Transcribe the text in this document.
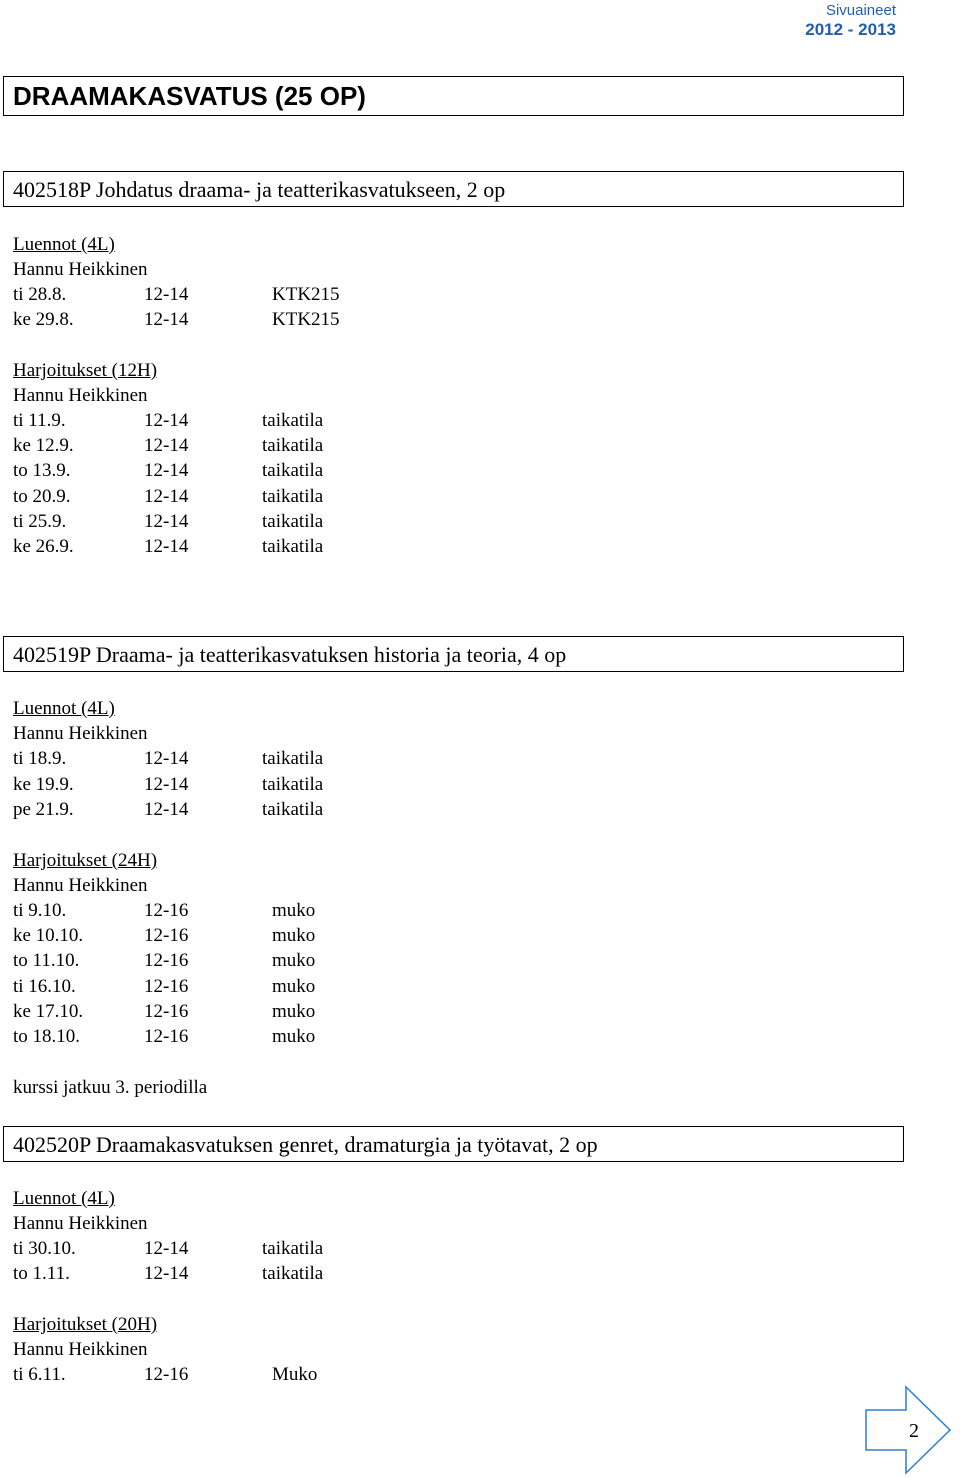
Sivuaineet
2012 - 2013
DRAAMAKASVATUS (25 OP)
402518P Johdatus draama- ja teatterikasvatukseen, 2 op
Luennot (4L)
Hannu Heikkinen
ti 28.8.	12-14	KTK215
ke 29.8.	12-14	KTK215
Harjoitukset (12H)
Hannu Heikkinen
ti 11.9.	12-14	taikatila
ke 12.9.	12-14	taikatila
to 13.9.	12-14	taikatila
to 20.9.	12-14	taikatila
ti 25.9.	12-14	taikatila
ke 26.9.	12-14	taikatila
402519P Draama- ja teatterikasvatuksen historia ja teoria, 4 op
Luennot (4L)
Hannu Heikkinen
ti 18.9.	12-14	taikatila
ke 19.9.	12-14	taikatila
pe 21.9.	12-14	taikatila
Harjoitukset (24H)
Hannu Heikkinen
ti 9.10.	12-16	muko
ke 10.10.	12-16	muko
to 11.10.	12-16	muko
ti 16.10.	12-16	muko
ke 17.10.	12-16	muko
to 18.10.	12-16	muko
kurssi jatkuu 3. periodilla
402520P Draamakasvatuksen genret, dramaturgia ja työtavat, 2 op
Luennot (4L)
Hannu Heikkinen
ti 30.10.	12-14	taikatila
to 1.11.	12-14	taikatila
Harjoitukset (20H)
Hannu Heikkinen
ti 6.11.	12-16	Muko
2
